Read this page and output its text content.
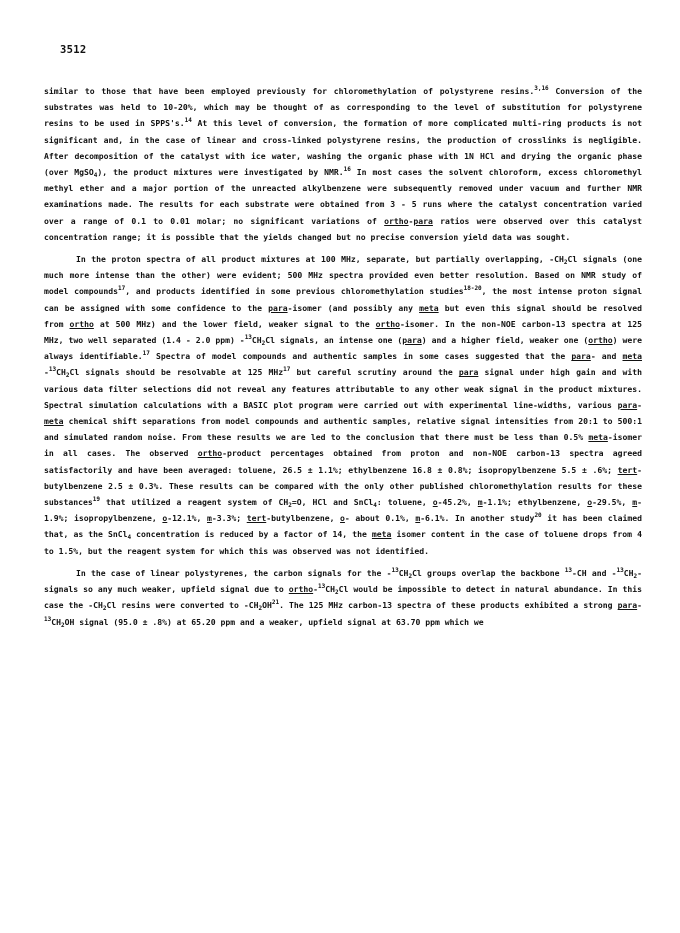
3512

similar to those that have been employed previously for chloromethylation of polystyrene resins.$^{3,16}$ Conversion of the substrates was held to 10-20%, which may be thought of as corresponding to the level of substitution for polystyrene resins to be used in SPPS's.$^{14}$ At this level of conversion, the formation of more complicated multi-ring products is not significant and, in the case of linear and cross-linked polystyrene resins, the production of crosslinks is negligible. After decomposition of the catalyst with ice water, washing the organic phase with 1N HCl and drying the organic phase (over MgSO$_4$), the product mixtures were investigated by NMR.$^{16}$ In most cases the solvent chloroform, excess chloromethyl methyl ether and a major portion of the unreacted alkylbenzene were subsequently removed under vacuum and further NMR examinations made. The results for each substrate were obtained from 3 - 5 runs where the catalyst concentration varied over a range of 0.1 to 0.01 molar; no significant variations of ortho-para ratios were observed over this catalyst concentration range; it is possible that the yields changed but no precise conversion yield data was sought.

In the proton spectra of all product mixtures at 100 MHz, separate, but partially overlapping, $-CH_2Cl$ signals (one much more intense than the other) were evident; 500 MHz spectra provided even better resolution. Based on NMR study of model compounds$^{17}$, and products identified in some previous chloromethylation studies$^{18-20}$, the most intense proton signal can be assigned with some confidence to the para-isomer (and possibly any meta but even this signal should be resolved from ortho at 500 MHz) and the lower field, weaker signal to the ortho-isomer. In the non-NOE carbon-13 spectra at 125 MHz, two well separated (1.4 - 2.0 ppm) $-^{13}CH_2Cl$ signals, an intense one (para) and a higher field, weaker one (ortho) were always identifiable.$^{17}$ Spectra of model compounds and authentic samples in some cases suggested that the para- and meta $-^{13}CH_2Cl$ signals should be resolvable at 125 MHz$^{17}$ but careful scrutiny around the para signal under high gain and with various data filter selections did not reveal any features attributable to any other weak signal in the product mixtures. Spectral simulation calculations with a BASIC plot program were carried out with experimental line-widths, various para-meta chemical shift separations from model compounds and authentic samples, relative signal intensities from 20:1 to 500:1 and simulated random noise. From these results we are led to the conclusion that there must be less than 0.5% meta-isomer in all cases. The observed ortho-product percentages obtained from proton and non-NOE carbon-13 spectra agreed satisfactorily and have been averaged: toluene, 26.5 ± 1.1%; ethylbenzene 16.8 ± 0.8%; isopropylbenzene 5.5 ± .6%; tert-butylbenzene 2.5 ± 0.3%. These results can be compared with the only other published chloromethylation results for these substances$^{19}$ that utilized a reagent system of $CH_2=O$, HCl and SnCl$_4$: toluene, o-45.2%, m-1.1%; ethylbenzene, o-29.5%, m-1.9%; isopropylbenzene, o-12.1%, m-3.3%; tert-butylbenzene, o- about 0.1%, m-6.1%. In another study$^{20}$ it has been claimed that, as the SnCl$_4$ concentration is reduced by a factor of 14, the meta isomer content in the case of toluene drops from 4 to 1.5%, but the reagent system for which this was observed was not identified.

In the case of linear polystyrenes, the carbon signals for the $-^{13}CH_2Cl$ groups overlap the backbone $^{13}$-CH and $-^{13}CH_2-$ signals so any much weaker, upfield signal due to ortho-$^{13}CH_2Cl$ would be impossible to detect in natural abundance. In this case the $-CH_2Cl$ resins were converted to $-CH_2OH^{21}$. The 125 MHz carbon-13 spectra of these products exhibited a strong para-$^{13}CH_2OH$ signal (95.0 ± .8%) at 65.20 ppm and a weaker, upfield signal at 63.70 ppm which we
